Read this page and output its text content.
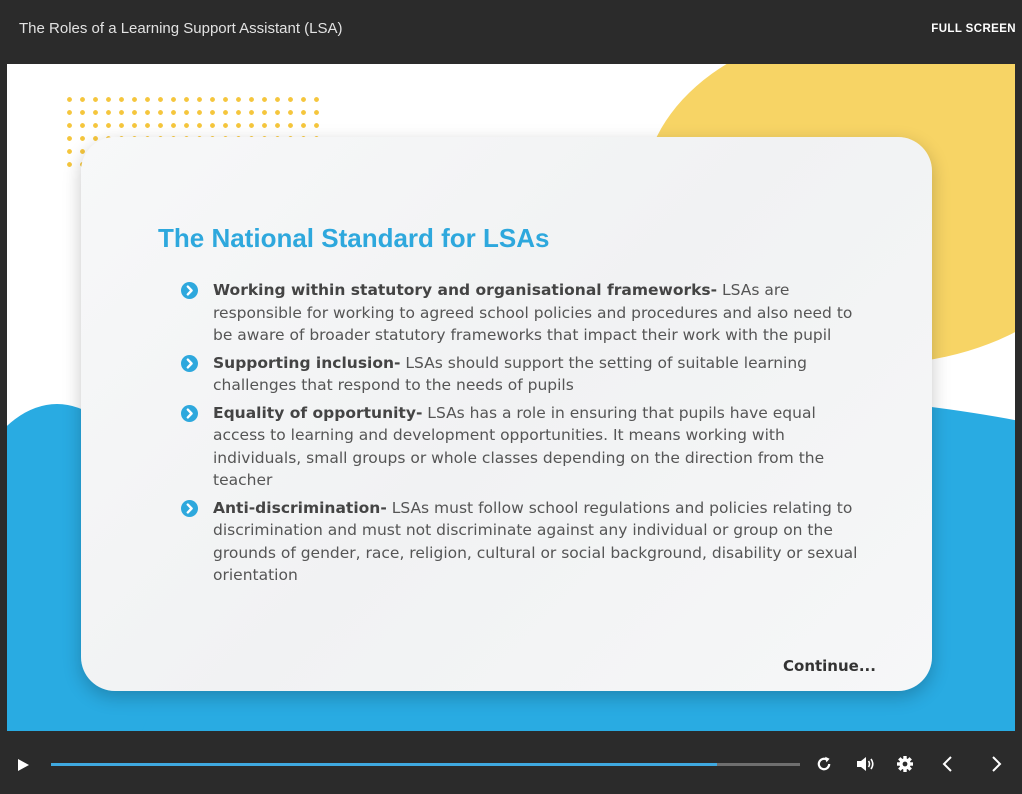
The Roles of a Learning Support Assistant (LSA)	FULL SCREEN
The National Standard for LSAs
Working within statutory and organisational frameworks- LSAs are responsible for working to agreed school policies and procedures and also need to be aware of broader statutory frameworks that impact their work with the pupil
Supporting inclusion- LSAs should support the setting of suitable learning challenges that respond to the needs of pupils
Equality of opportunity- LSAs has a role in ensuring that pupils have equal access to learning and development opportunities. It means working with individuals, small groups or whole classes depending on the direction from the teacher
Anti-discrimination- LSAs must follow school regulations and policies relating to discrimination and must not discriminate against any individual or group on the grounds of gender, race, religion, cultural or social background, disability or sexual orientation
Continue...
